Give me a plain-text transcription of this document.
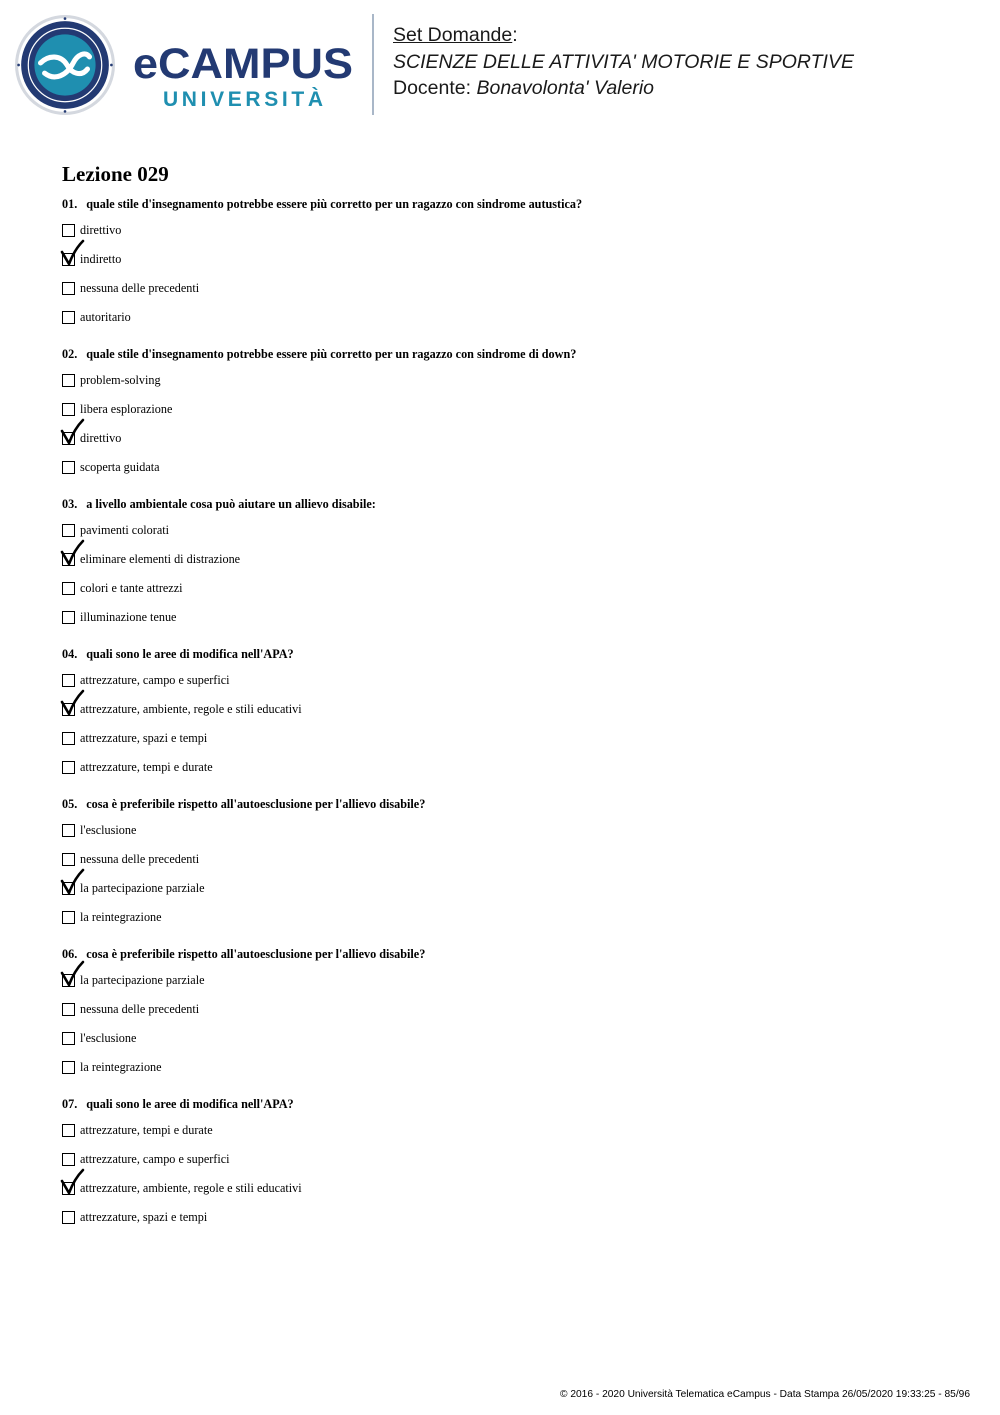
eCAMPUS
UNIVERSITÀ
Set Domande:
SCIENZE DELLE ATTIVITA' MOTORIE E SPORTIVE
Docente: Bonavolonta' Valerio
Lezione 029
01. quale stile d'insegnamento potrebbe essere più corretto per un ragazzo con sindrome autustica?
direttivo
indiretto
nessuna delle precedenti
autoritario
02. quale stile d'insegnamento potrebbe essere più corretto per un ragazzo con sindrome di down?
problem-solving
libera esplorazione
direttivo
scoperta guidata
03. a livello ambientale cosa può aiutare un allievo disabile:
pavimenti colorati
eliminare elementi di distrazione
colori e tante attrezzi
illuminazione tenue
04. quali sono le aree di modifica nell'APA?
attrezzature, campo e superfici
attrezzature, ambiente, regole e stili educativi
attrezzature, spazi e tempi
attrezzature, tempi e durate
05. cosa è preferibile rispetto all'autoesclusione per l'allievo disabile?
l'esclusione
nessuna delle precedenti
la partecipazione parziale
la reintegrazione
06. cosa è preferibile rispetto all'autoesclusione per l'allievo disabile?
la partecipazione parziale
nessuna delle precedenti
l'esclusione
la reintegrazione
07. quali sono le aree di modifica nell'APA?
attrezzature, tempi e durate
attrezzature, campo e superfici
attrezzature, ambiente, regole e stili educativi
attrezzature, spazi e tempi
© 2016 - 2020 Università Telematica eCampus - Data Stampa 26/05/2020 19:33:25 - 85/96
